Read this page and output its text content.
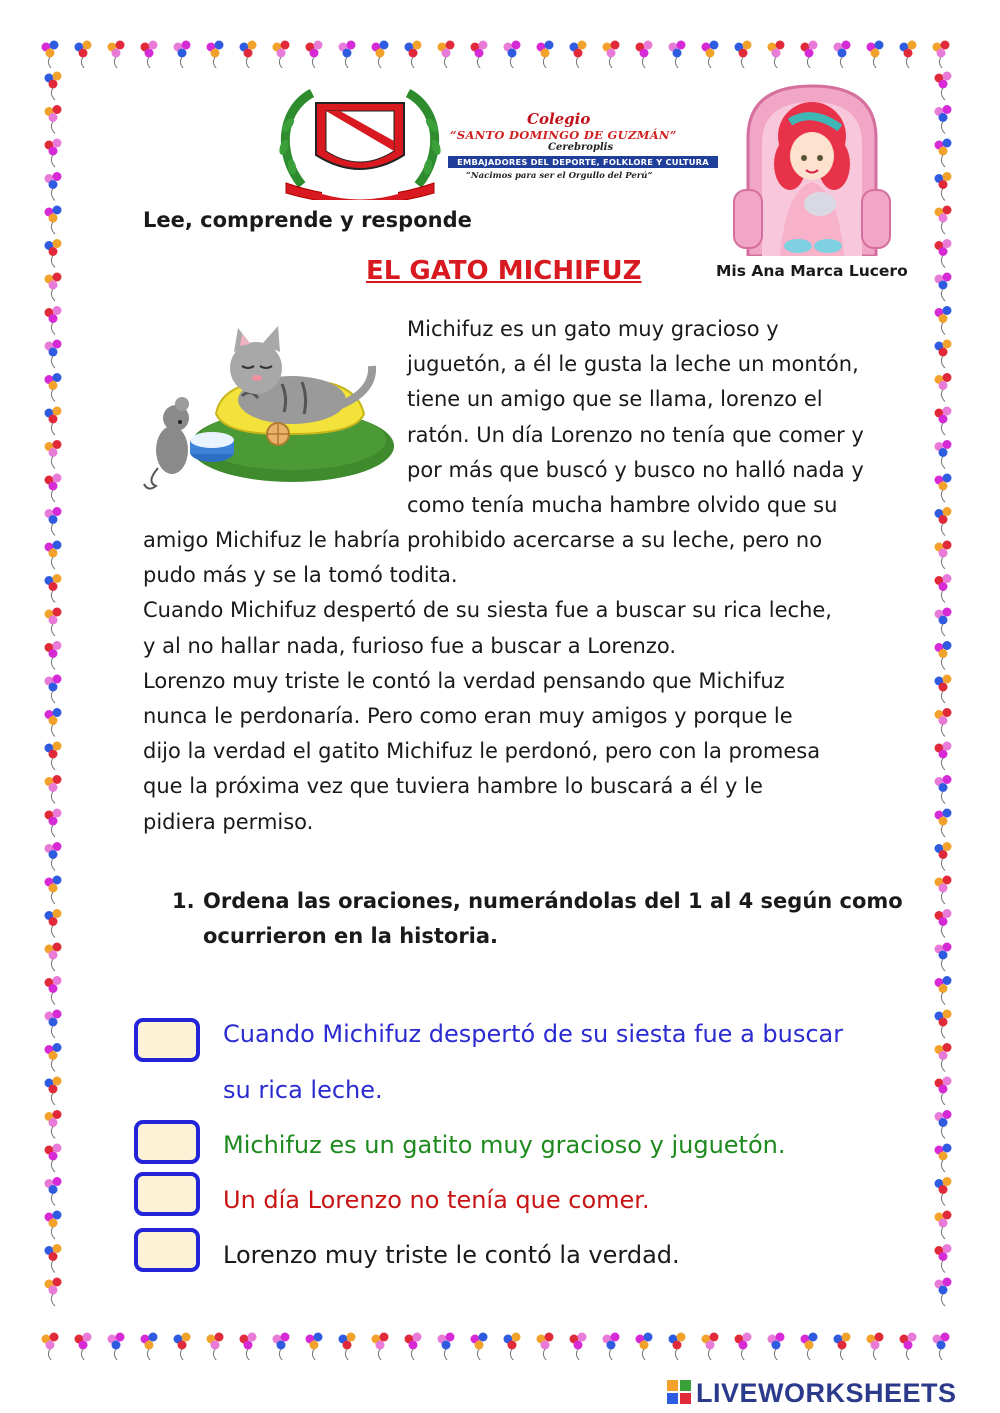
Colegio
“SANTO DOMINGO DE GUZMÁN”
Cerebroplis
EMBAJADORES DEL DEPORTE, FOLKLORE Y CULTURA
“Nacimos para ser el Orgullo del Perú”
Lee, comprende y responde
EL GATO MICHIFUZ	Mis Ana Marca Lucero
Michifuz es un gato muy gracioso y
juguetón, a él le gusta la leche un montón,
tiene un amigo que se llama, lorenzo el
ratón. Un día Lorenzo no tenía que comer y
por más que buscó y busco no halló nada y
como tenía mucha hambre olvido que su
amigo Michifuz le habría prohibido acercarse a su leche, pero no
pudo más y se la tomó todita.
Cuando Michifuz despertó de su siesta fue a buscar su rica leche,
y al no hallar nada, furioso fue a buscar a Lorenzo.
Lorenzo muy triste le contó la verdad pensando que Michifuz
nunca le perdonaría. Pero como eran muy amigos y porque le
dijo la verdad el gatito Michifuz le perdonó, pero con la promesa
que la próxima vez que tuviera hambre lo buscará a él y le
pidiera permiso.
1. Ordena las oraciones, numerándolas del 1 al 4 según como
ocurrieron en la historia.
Cuando Michifuz despertó de su siesta fue a buscar
su rica leche.
Michifuz es un gatito muy gracioso y juguetón.
Un día Lorenzo no tenía que comer.
Lorenzo muy triste le contó la verdad.
LIVEWORKSHEETS
